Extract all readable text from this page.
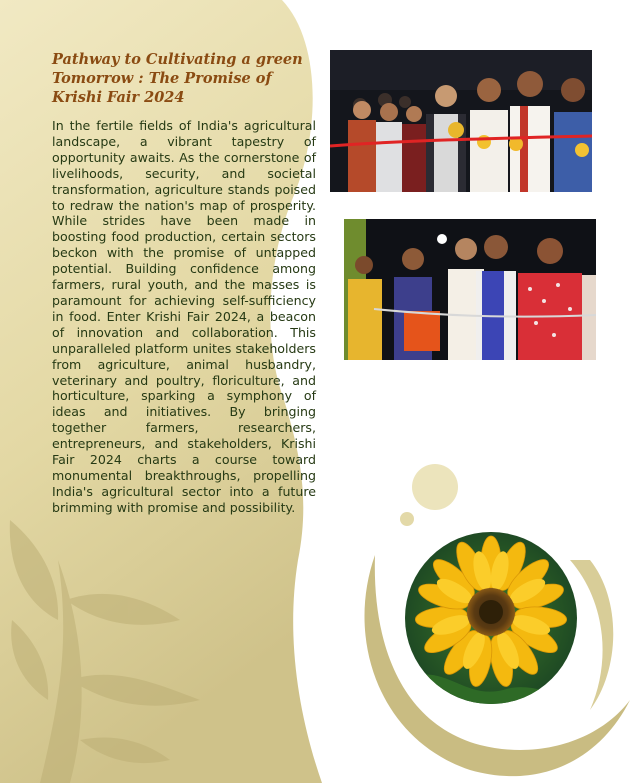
Pathway to Cultivating a green Tomorrow : The Promise of Krishi Fair 2024

In the fertile fields of India's agricultural landscape, a vibrant tapestry of opportunity awaits. As the cornerstone of livelihoods, security, and societal transformation, agriculture stands poised to redraw the nation's map of prosperity. While strides have been made in boosting food production, certain sectors beckon with the promise of untapped potential. Building confidence among farmers, rural youth, and the masses is paramount for achieving self-sufficiency in food. Enter Krishi Fair 2024, a beacon of innovation and collaboration. This unparalleled platform unites stakeholders from agriculture, animal husbandry, veterinary and poultry, floriculture, and horticulture, sparking a symphony of ideas and initiatives. By bringing together farmers, researchers, entrepreneurs, and stakeholders, Krishi Fair 2024 charts a course toward monumental breakthroughs, propelling India's agricultural sector into a future brimming with promise and possibility.
